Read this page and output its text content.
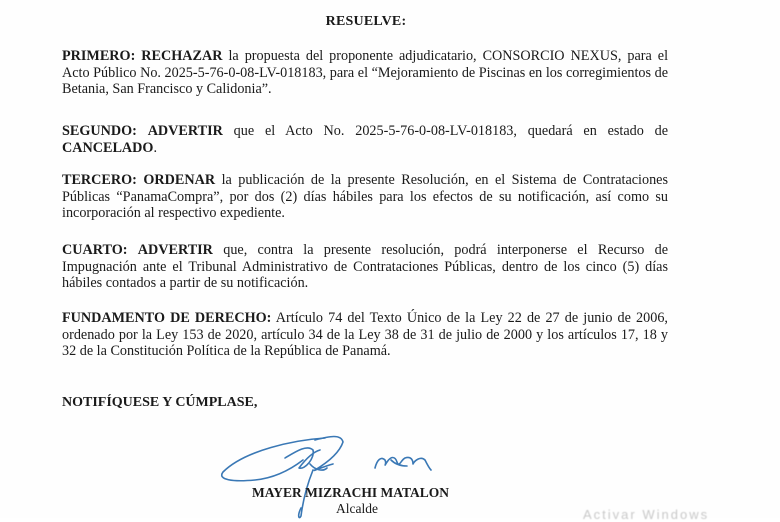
RESUELVE:
PRIMERO: RECHAZAR la propuesta del proponente adjudicatario, CONSORCIO NEXUS, para el Acto Público No. 2025-5-76-0-08-LV-018183, para el “Mejoramiento de Piscinas en los corregimientos de Betania, San Francisco y Calidonia”.
SEGUNDO: ADVERTIR que el Acto No. 2025-5-76-0-08-LV-018183, quedará en estado de CANCELADO.
TERCERO: ORDENAR la publicación de la presente Resolución, en el Sistema de Contrataciones Públicas “PanamaCompra”, por dos (2) días hábiles para los efectos de su notificación, así como su incorporación al respectivo expediente.
CUARTO: ADVERTIR que, contra la presente resolución, podrá interponerse el Recurso de Impugnación ante el Tribunal Administrativo de Contrataciones Públicas, dentro de los cinco (5) días hábiles contados a partir de su notificación.
FUNDAMENTO DE DERECHO: Artículo 74 del Texto Único de la Ley 22 de 27 de junio de 2006, ordenado por la Ley 153 de 2020, artículo 34 de la Ley 38 de 31 de julio de 2000 y los artículos 17, 18 y 32 de la Constitución Política de la República de Panamá.
NOTIFÍQUESE Y CÚMPLASE,
MAYER MIZRACHI MATALON
Alcalde	Activar Windows
